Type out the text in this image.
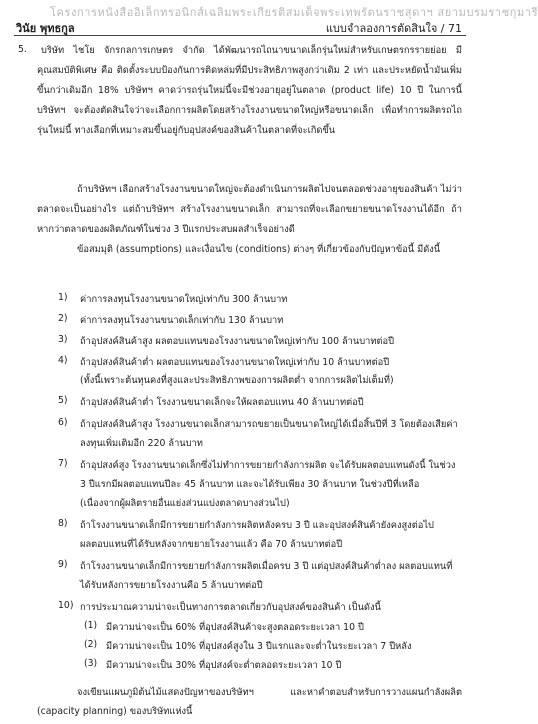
โครงการหนังสืออิเล็กทรอนิกส์เฉลิมพระเกียรติสมเด็จพระเทพรัตนราชสุดาฯ สยามบรมราชกุมารี
วินัย พุทธกูล	แบบจำลองการตัดสินใจ / 71
5.	บริษัท ไชโย จักรกลการเกษตร จำกัด ได้พัฒนารถไถนาขนาดเล็กรุ่นใหม่สำหรับเกษตรกรรายย่อย มีคุณสมบัติพิเศษ คือ ติดตั้งระบบป้องกันการติดหล่มที่มีประสิทธิภาพสูงกว่าเดิม 2 เท่า และประหยัดน้ำมันเพิ่มขึ้นกว่าเดิมอีก 18% บริษัทฯ คาดว่ารถรุ่นใหม่นี้จะมีช่วงอายุอยู่ในตลาด (product life) 10 ปี ในการนี้บริษัทฯ จะต้องตัดสินใจว่าจะเลือกการผลิตโดยสร้างโรงงานขนาดใหญ่หรือขนาดเล็ก เพื่อทำการผลิตรถไถรุ่นใหม่นี้ ทางเลือกที่เหมาะสมขึ้นอยู่กับอุปสงค์ของสินค้าในตลาดที่จะเกิดขึ้น
ถ้าบริษัทฯ เลือกสร้างโรงงานขนาดใหญ่จะต้องดำเนินการผลิตไปจนตลอดช่วงอายุของสินค้า ไม่ว่าตลาดจะเป็นอย่างไร แต่ถ้าบริษัทฯ สร้างโรงงานขนาดเล็ก สามารถที่จะเลือกขยายขนาดโรงงานได้อีก ถ้าหากว่าตลาดของผลิตภัณฑ์ในช่วง 3 ปีแรกประสบผลสำเร็จอย่างดี
ข้อสมมุติ (assumptions) และเงื่อนไข (conditions) ต่างๆ ที่เกี่ยวข้องกับปัญหาข้อนี้ มีดังนี้
1) ค่าการลงทุนโรงงานขนาดใหญ่เท่ากับ 300 ล้านบาท
2) ค่าการลงทุนโรงงานขนาดเล็กเท่ากับ 130 ล้านบาท
3) ถ้าอุปสงค์สินค้าสูง ผลตอบแทนของโรงงานขนาดใหญ่เท่ากับ 100 ล้านบาทต่อปี
4) ถ้าอุปสงค์สินค้าต่ำ ผลตอบแทนของโรงงานขนาดใหญ่เท่ากับ 10 ล้านบาทต่อปี
(ทั้งนี้เพราะต้นทุนคงที่สูงและประสิทธิภาพของการผลิตต่ำ จากการผลิตไม่เต็มที่)
5) ถ้าอุปสงค์สินค้าต่ำ โรงงานขนาดเล็กจะให้ผลตอบแทน 40 ล้านบาทต่อปี
6) ถ้าอุปสงค์สินค้าสูง โรงงานขนาดเล็กสามารถขยายเป็นขนาดใหญ่ได้เมื่อสิ้นปีที่ 3 โดยต้องเสียค่า
ลงทุนเพิ่มเติมอีก 220 ล้านบาท
7) ถ้าอุปสงค์สูง โรงงานขนาดเล็กซึ่งไม่ทำการขยายกำลังการผลิต จะได้รับผลตอบแทนดังนี้ ในช่วง
3 ปีแรกมีผลตอบแทนปีละ 45 ล้านบาท และจะได้รับเพียง 30 ล้านบาท ในช่วงปีที่เหลือ
(เนื่องจากผู้ผลิตรายอื่นแย่งส่วนแบ่งตลาดบางส่วนไป)
8) ถ้าโรงงานขนาดเล็กมีการขยายกำลังการผลิตหลังครบ 3 ปี และอุปสงค์สินค้ายังคงสูงต่อไป
ผลตอบแทนที่ได้รับหลังจากขยายโรงงานแล้ว คือ 70 ล้านบาทต่อปี
9) ถ้าโรงงานขนาดเล็กมีการขยายกำลังการผลิตเมื่อครบ 3 ปี แต่อุปสงค์สินค้าต่ำลง ผลตอบแทนที่
ได้รับหลังการขยายโรงงานคือ 5 ล้านบาทต่อปี
10) การประมาณความน่าจะเป็นทางการตลาดเกี่ยวกับอุปสงค์ของสินค้า เป็นดังนี้
(1) มีความน่าจะเป็น 60% ที่อุปสงค์สินค้าจะสูงตลอดระยะเวลา 10 ปี
(2) มีความน่าจะเป็น 10% ที่อุปสงค์สูงใน 3 ปีแรกและจะต่ำในระยะเวลา 7 ปีหลัง
(3) มีความน่าจะเป็น 30% ที่อุปสงค์จะต่ำตลอดระยะเวลา 10 ปี
จงเขียนแผนภูมิต้นไม้แสดงปัญหาของบริษัทฯ และหาคำตอบสำหรับการวางแผนกำลังผลิต (capacity planning) ของบริษัทแห่งนี้
